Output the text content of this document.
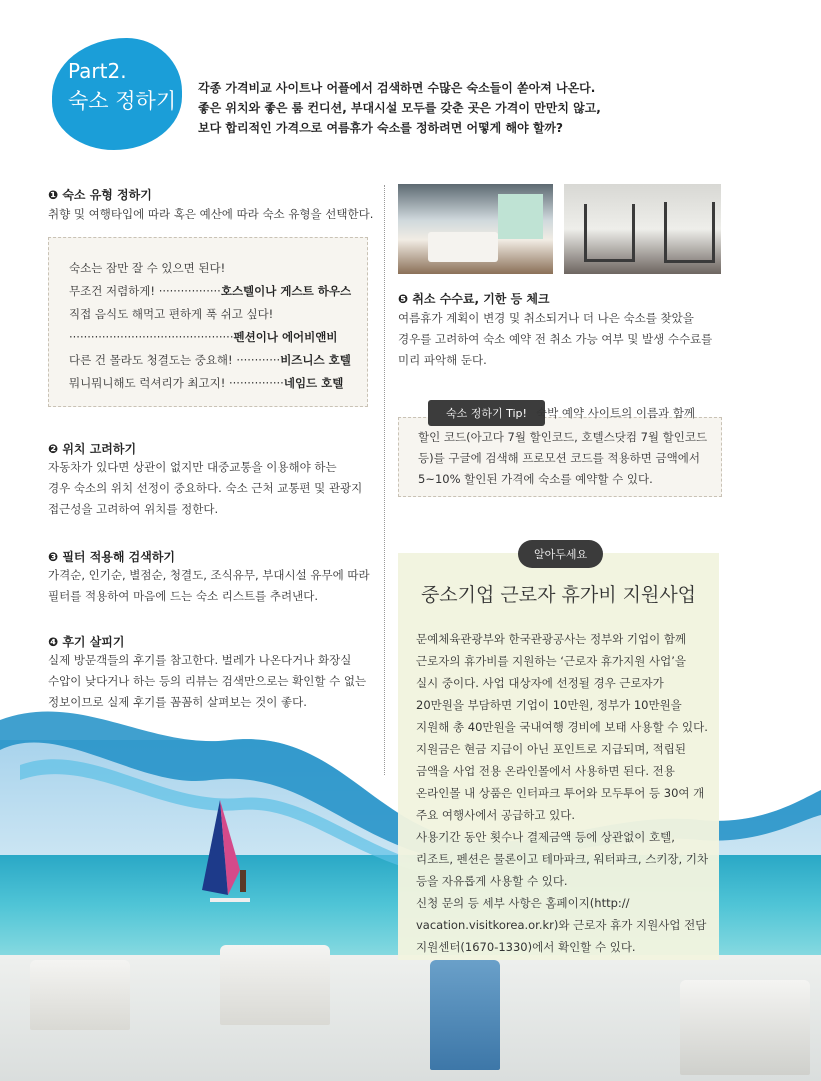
Part2.
숙소 정하기
각종 가격비교 사이트나 어플에서 검색하면 수많은 숙소들이 쏟아져 나온다.
좋은 위치와 좋은 룸 컨디션, 부대시설 모두를 갖춘 곳은 가격이 만만치 않고,
보다 합리적인 가격으로 여름휴가 숙소를 정하려면 어떻게 해야 할까?
❶ 숙소 유형 정하기
취향 및 여행타입에 따라 혹은 예산에 따라 숙소 유형을 선택한다.
숙소는 잠만 잘 수 있으면 된다!
무조건 저렴하게! ·················호스텔이나 게스트 하우스
직접 음식도 해먹고 편하게 푹 쉬고 싶다!
·············································펜션이나 에어비앤비
다른 건 몰라도 청결도는 중요해! ············비즈니스 호텔
뭐니뭐니해도 럭셔리가 최고지! ···············네임드 호텔
❷ 위치 고려하기
자동차가 있다면 상관이 없지만 대중교통을 이용해야 하는
경우 숙소의 위치 선정이 중요하다. 숙소 근처 교통편 및 관광지
접근성을 고려하여 위치를 정한다.
❸ 필터 적용해 검색하기
가격순, 인기순, 별점순, 청결도, 조식유무, 부대시설 유무에 따라
필터를 적용하여 마음에 드는 숙소 리스트를 추려낸다.
❹ 후기 살피기
실제 방문객들의 후기를 참고한다. 벌레가 나온다거나 화장실
수압이 낮다거나 하는 등의 리뷰는 검색만으로는 확인할 수 없는
정보이므로 실제 후기를 꼼꼼히 살펴보는 것이 좋다.
❺ 취소 수수료, 기한 등 체크
여름휴가 계획이 변경 및 취소되거나 더 나은 숙소를 찾았을
경우를 고려하여 숙소 예약 전 취소 가능 여부 및 발생 수수료를
미리 파악해 둔다.
숙소 정하기 Tip! 숙박 예약 사이트의 이름과 함께
할인 코드(아고다 7월 할인코드, 호텔스닷컴 7월 할인코드
등)를 구글에 검색해 프로모션 코드를 적용하면 금액에서
5~10% 할인된 가격에 숙소를 예약할 수 있다.
알아두세요
중소기업 근로자 휴가비 지원사업
문예체육관광부와 한국관광공사는 정부와 기업이 함께
근로자의 휴가비를 지원하는 ‘근로자 휴가지원 사업’을
실시 중이다. 사업 대상자에 선정될 경우 근로자가
20만원을 부담하면 기업이 10만원, 정부가 10만원을
지원해 총 40만원을 국내여행 경비에 보태 사용할 수 있다.
지원금은 현금 지급이 아닌 포인트로 지급되며, 적립된
금액을 사업 전용 온라인몰에서 사용하면 된다. 전용
온라인몰 내 상품은 인터파크 투어와 모두투어 등 30여 개
주요 여행사에서 공급하고 있다.
사용기간 동안 횟수나 결제금액 등에 상관없이 호텔,
리조트, 펜션은 물론이고 테마파크, 워터파크, 스키장, 기차
등을 자유롭게 사용할 수 있다.
신청 문의 등 세부 사항은 홈페이지(http://
vacation.visitkorea.or.kr)와 근로자 휴가 지원사업 전담
지원센터(1670-1330)에서 확인할 수 있다.
